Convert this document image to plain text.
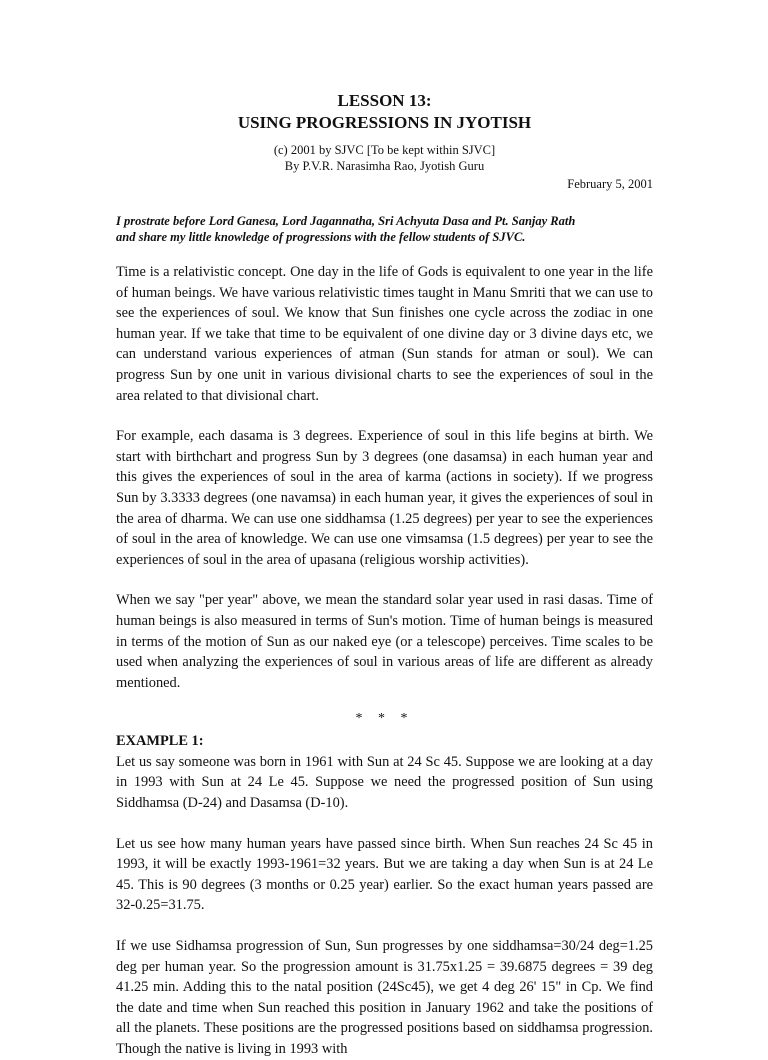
LESSON 13:
USING PROGRESSIONS IN JYOTISH
(c) 2001 by SJVC [To be kept within SJVC]
By P.V.R. Narasimha Rao, Jyotish Guru
February 5, 2001
I prostrate before Lord Ganesa, Lord Jagannatha, Sri Achyuta Dasa and Pt. Sanjay Rath
and share my little knowledge of progressions with the fellow students of SJVC.

Time is a relativistic concept. One day in the life of Gods is equivalent to one year in the life of human beings. We have various relativistic times taught in Manu Smriti that we can use to see the experiences of soul. We know that Sun finishes one cycle across the zodiac in one human year. If we take that time to be equivalent of one divine day or 3 divine days etc, we can understand various experiences of atman (Sun stands for atman or soul). We can progress Sun by one unit in various divisional charts to see the experiences of soul in the area related to that divisional chart.

For example, each dasama is 3 degrees. Experience of soul in this life begins at birth. We start with birthchart and progress Sun by 3 degrees (one dasamsa) in each human year and this gives the experiences of soul in the area of karma (actions in society). If we progress Sun by 3.3333 degrees (one navamsa) in each human year, it gives the experiences of soul in the area of dharma. We can use one siddhamsa (1.25 degrees) per year to see the experiences of soul in the area of knowledge. We can use one vimsamsa (1.5 degrees) per year to see the experiences of soul in the area of upasana (religious worship activities).

When we say "per year" above, we mean the standard solar year used in rasi dasas. Time of human beings is also measured in terms of Sun's motion. Time of human beings is measured in terms of the motion of Sun as our naked eye (or a telescope) perceives. Time scales to be used when analyzing the experiences of soul in various areas of life are different as already mentioned.

* * *
EXAMPLE 1:

Let us say someone was born in 1961 with Sun at 24 Sc 45. Suppose we are looking at a day in 1993 with Sun at 24 Le 45. Suppose we need the progressed position of Sun using Siddhamsa (D-24) and Dasamsa (D-10).

Let us see how many human years have passed since birth. When Sun reaches 24 Sc 45 in 1993, it will be exactly 1993-1961=32 years. But we are taking a day when Sun is at 24 Le 45. This is 90 degrees (3 months or 0.25 year) earlier. So the exact human years passed are 32-0.25=31.75.

If we use Sidhamsa progression of Sun, Sun progresses by one siddhamsa=30/24 deg=1.25 deg per human year. So the progression amount is 31.75x1.25 = 39.6875 degrees = 39 deg 41.25 min. Adding this to the natal position (24Sc45), we get 4 deg 26' 15" in Cp. We find the date and time when Sun reached this position in January 1962 and take the positions of all the planets. These positions are the progressed positions based on siddhamsa progression. Though the native is living in 1993 with
